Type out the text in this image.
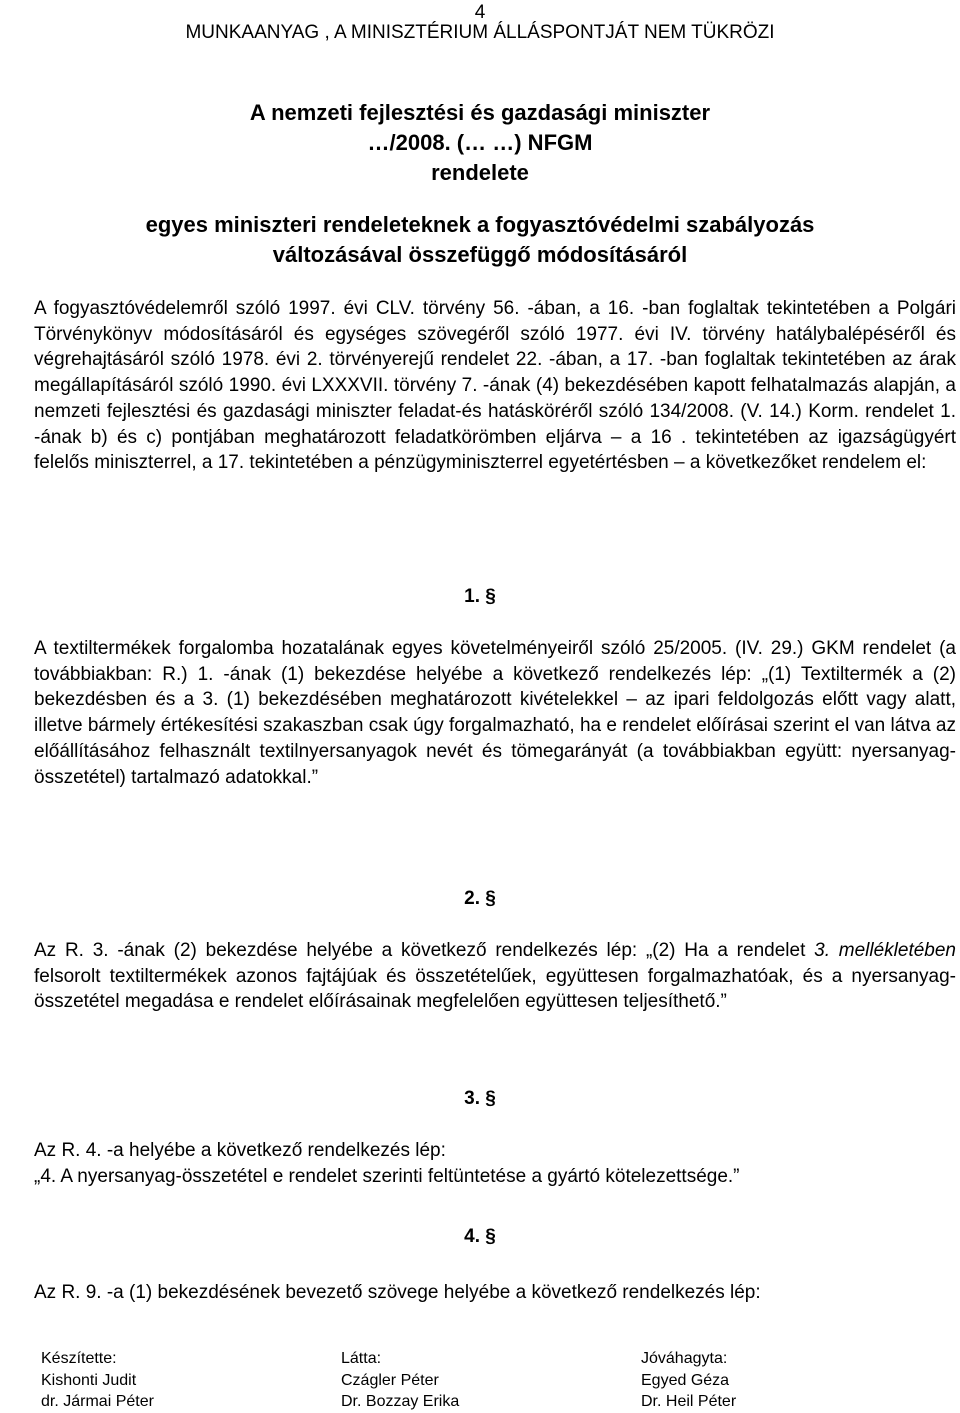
4
MUNKAANYAG , A MINISZTÉRIUM ÁLLÁSPONTJÁT NEM TÜKRÖZI
A nemzeti fejlesztési és gazdasági miniszter
…/2008. (… …) NFGM
rendelete
egyes miniszteri rendeleteknek a fogyasztóvédelmi szabályozás
változásával összefüggő módosításáról
A fogyasztóvédelemről szóló 1997. évi CLV. törvény 56. -ában, a 16. -ban foglaltak tekintetében a Polgári Törvénykönyv módosításáról és egységes szövegéről szóló 1977. évi IV. törvény hatálybalépéséről és végrehajtásáról szóló 1978. évi 2. törvényerejű rendelet 22. -ában, a 17. -ban foglaltak tekintetében az árak megállapításáról szóló 1990. évi LXXXVII. törvény 7. -ának (4) bekezdésében kapott felhatalmazás alapján, a nemzeti fejlesztési és gazdasági miniszter feladat-és hatásköréről szóló 134/2008. (V. 14.) Korm. rendelet 1. -ának b) és c) pontjában meghatározott feladatkörömben eljárva – a 16 . tekintetében az igazságügyért felelős miniszterrel, a 17. tekintetében a pénzügyminiszterrel egyetértésben – a következőket rendelem el:
1. §
A textiltermékek forgalomba hozatalának egyes követelményeiről szóló 25/2005. (IV. 29.) GKM rendelet (a továbbiakban: R.) 1. -ának (1) bekezdése helyébe a következő rendelkezés lép: „(1) Textiltermék a (2) bekezdésben és a 3. (1) bekezdésében meghatározott kivételekkel – az ipari feldolgozás előtt vagy alatt, illetve bármely értékesítési szakaszban csak úgy forgalmazható, ha e rendelet előírásai szerint el van látva az előállításához felhasznált textilnyersanyagok nevét és tömegarányát (a továbbiakban együtt: nyersanyag-összetétel) tartalmazó adatokkal.”
2. §
Az R. 3. -ának (2) bekezdése helyébe a következő rendelkezés lép: „(2) Ha a rendelet 3. mellékletében felsorolt textiltermékek azonos fajtájúak és összetételűek, együttesen forgalmazhatóak, és a nyersanyag-összetétel megadása e rendelet előírásainak megfelelően együttesen teljesíthető.”
3. §
Az R. 4. -a helyébe a következő rendelkezés lép:
„4. A nyersanyag-összetétel e rendelet szerinti feltüntetése a gyártó kötelezettsége.”
4. §
Az R. 9. -a (1) bekezdésének bevezető szövege helyébe a következő rendelkezés lép:
Készítette:
Kishonti Judit
dr. Jármai Péter
Látta:
Czágler Péter
Dr. Bozzay Erika
Jóváhagyta:
Egyed Géza
Dr. Heil Péter
